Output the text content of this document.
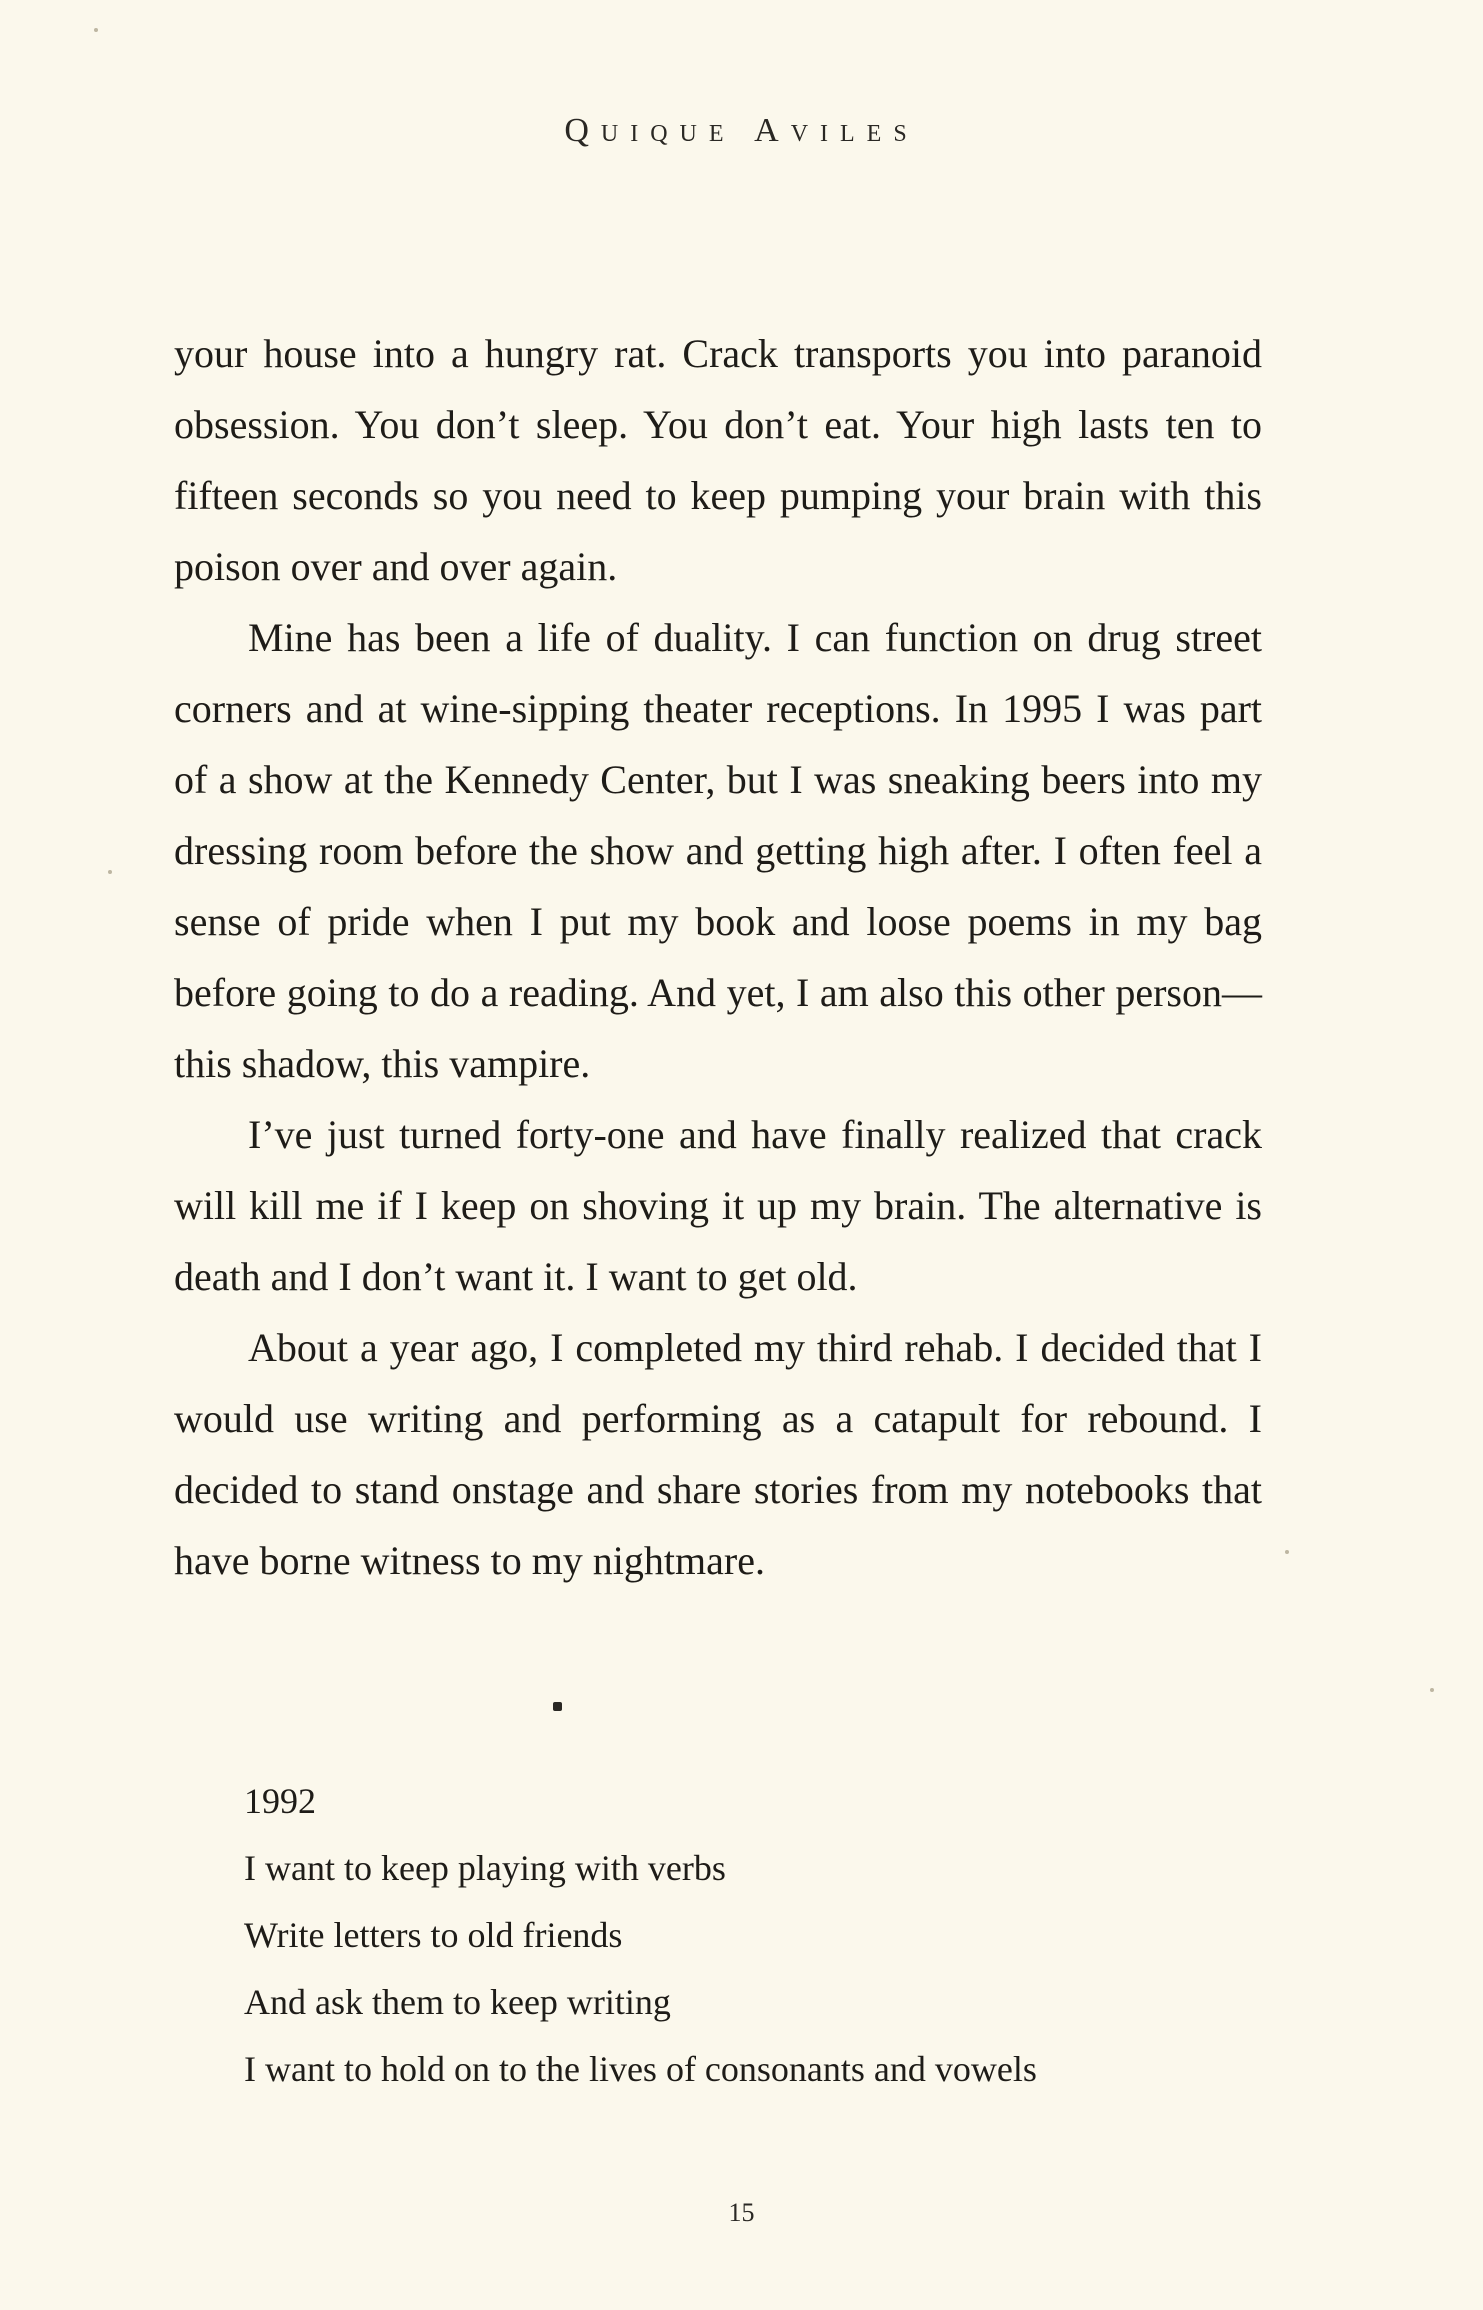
Quique Aviles

your house into a hungry rat. Crack transports you into paranoid obsession. You don’t sleep. You don’t eat. Your high lasts ten to fifteen seconds so you need to keep pumping your brain with this poison over and over again.

Mine has been a life of duality. I can function on drug street corners and at wine-sipping theater receptions. In 1995 I was part of a show at the Kennedy Center, but I was sneaking beers into my dressing room before the show and getting high after. I often feel a sense of pride when I put my book and loose poems in my bag before going to do a reading. And yet, I am also this other person—this shadow, this vampire.

I’ve just turned forty-one and have finally realized that crack will kill me if I keep on shoving it up my brain. The alternative is death and I don’t want it. I want to get old.

About a year ago, I completed my third rehab. I decided that I would use writing and performing as a catapult for rebound. I decided to stand onstage and share stories from my notebooks that have borne witness to my nightmare.

1992
I want to keep playing with verbs
Write letters to old friends
And ask them to keep writing
I want to hold on to the lives of consonants and vowels
15
